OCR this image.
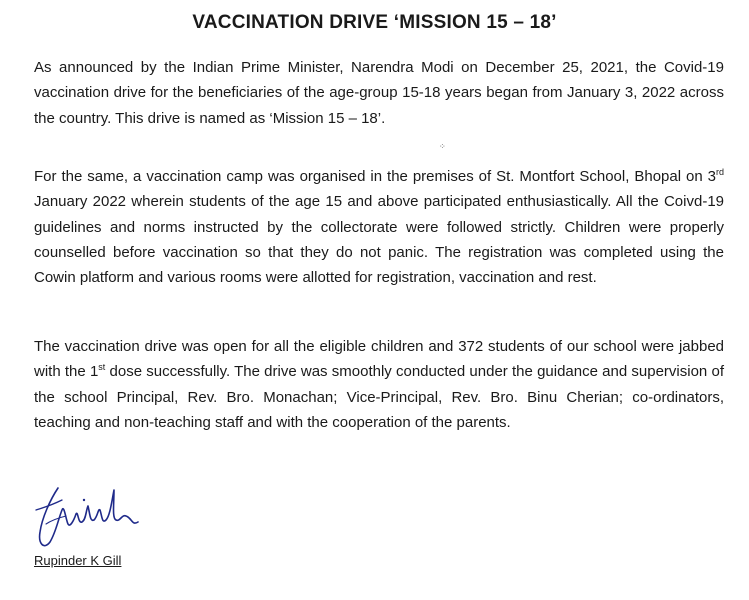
VACCINATION DRIVE ‘MISSION 15 – 18’

As announced by the Indian Prime Minister, Narendra Modi on December 25, 2021, the Covid-19 vaccination drive for the beneficiaries of the age-group 15-18 years began from January 3, 2022 across the country. This drive is named as ‘Mission 15 – 18’.

For the same, a vaccination camp was organised in the premises of St. Montfort School, Bhopal on 3rd January 2022 wherein students of the age 15 and above participated enthusiastically. All the Coivd-19 guidelines and norms instructed by the collectorate were followed strictly. Children were properly counselled before vaccination so that they do not panic. The registration was completed using the Cowin platform and various rooms were allotted for registration, vaccination and rest.

The vaccination drive was open for all the eligible children and 372 students of our school were jabbed with the 1st dose successfully. The drive was smoothly conducted under the guidance and supervision of the school Principal, Rev. Bro. Monachan; Vice-Principal, Rev. Bro. Binu Cherian; co-ordinators, teaching and non-teaching staff and with the cooperation of the parents.

⁘
Rupinder K Gill
